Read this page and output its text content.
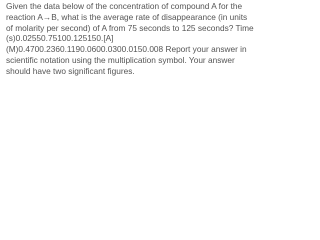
Given the data below of the concentration of compound A for the reaction A→B, what is the average rate of disappearance (in units of molarity per second) of A from 75 seconds to 125 seconds? Time (s)0.02550.75100.125150.[A](M)0.4700.2360.1190.0600.0300.0150.008 Report your answer in scientific notation using the multiplication symbol. Your answer should have two significant figures.
